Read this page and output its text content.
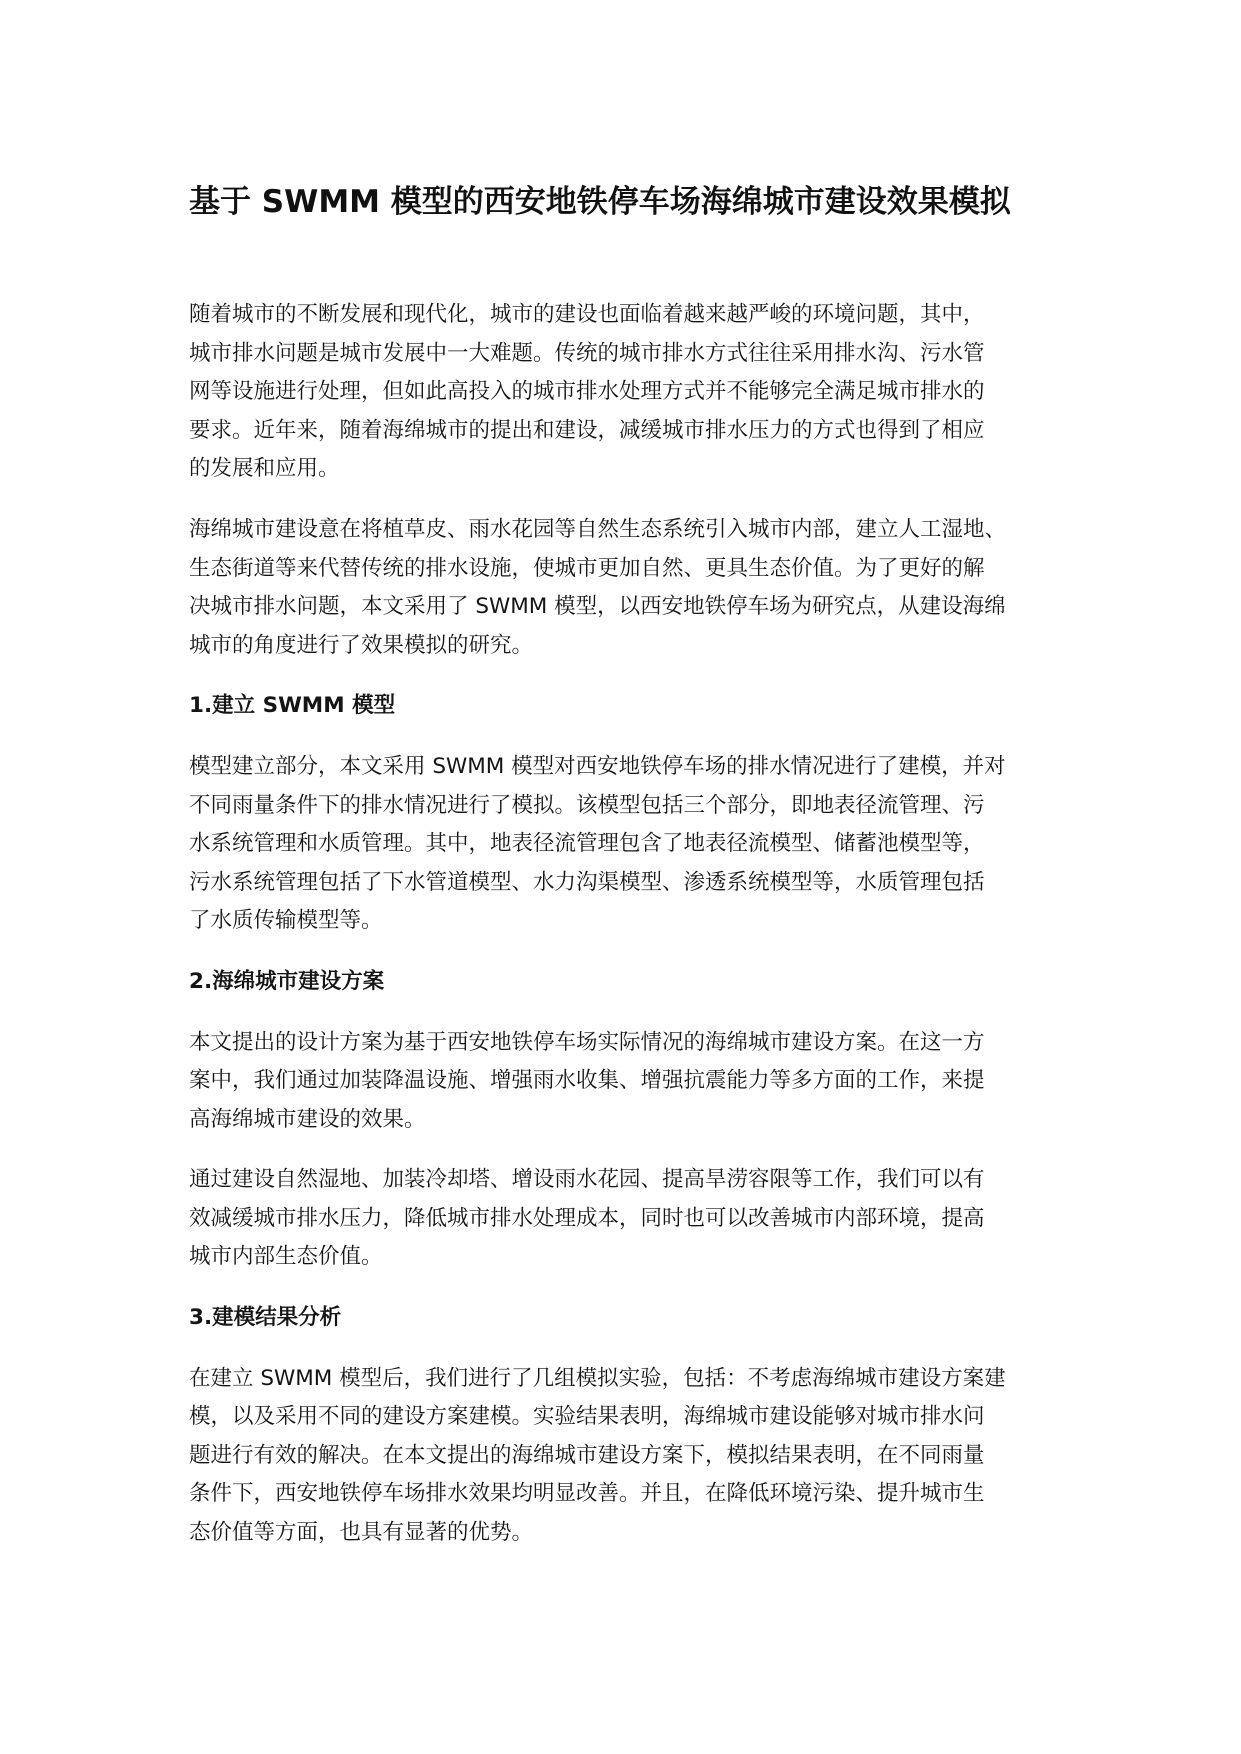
基于 SWMM 模型的西安地铁停车场海绵城市建设效果模拟

随着城市的不断发展和现代化，城市的建设也面临着越来越严峻的环境问题，其中，
城市排水问题是城市发展中一大难题。传统的城市排水方式往往采用排水沟、污水管
网等设施进行处理，但如此高投入的城市排水处理方式并不能够完全满足城市排水的
要求。近年来，随着海绵城市的提出和建设，减缓城市排水压力的方式也得到了相应
的发展和应用。

海绵城市建设意在将植草皮、雨水花园等自然生态系统引入城市内部，建立人工湿地、
生态街道等来代替传统的排水设施，使城市更加自然、更具生态价值。为了更好的解
决城市排水问题，本文采用了 SWMM 模型，以西安地铁停车场为研究点，从建设海绵
城市的角度进行了效果模拟的研究。

1.建立 SWMM 模型

模型建立部分，本文采用 SWMM 模型对西安地铁停车场的排水情况进行了建模，并对
不同雨量条件下的排水情况进行了模拟。该模型包括三个部分，即地表径流管理、污
水系统管理和水质管理。其中，地表径流管理包含了地表径流模型、储蓄池模型等，
污水系统管理包括了下水管道模型、水力沟渠模型、渗透系统模型等，水质管理包括
了水质传输模型等。

2.海绵城市建设方案

本文提出的设计方案为基于西安地铁停车场实际情况的海绵城市建设方案。在这一方
案中，我们通过加装降温设施、增强雨水收集、增强抗震能力等多方面的工作，来提
高海绵城市建设的效果。

通过建设自然湿地、加装冷却塔、增设雨水花园、提高旱涝容限等工作，我们可以有
效减缓城市排水压力，降低城市排水处理成本，同时也可以改善城市内部环境，提高
城市内部生态价值。

3.建模结果分析

在建立 SWMM 模型后，我们进行了几组模拟实验，包括：不考虑海绵城市建设方案建
模，以及采用不同的建设方案建模。实验结果表明，海绵城市建设能够对城市排水问
题进行有效的解决。在本文提出的海绵城市建设方案下，模拟结果表明，在不同雨量
条件下，西安地铁停车场排水效果均明显改善。并且，在降低环境污染、提升城市生
态价值等方面，也具有显著的优势。
